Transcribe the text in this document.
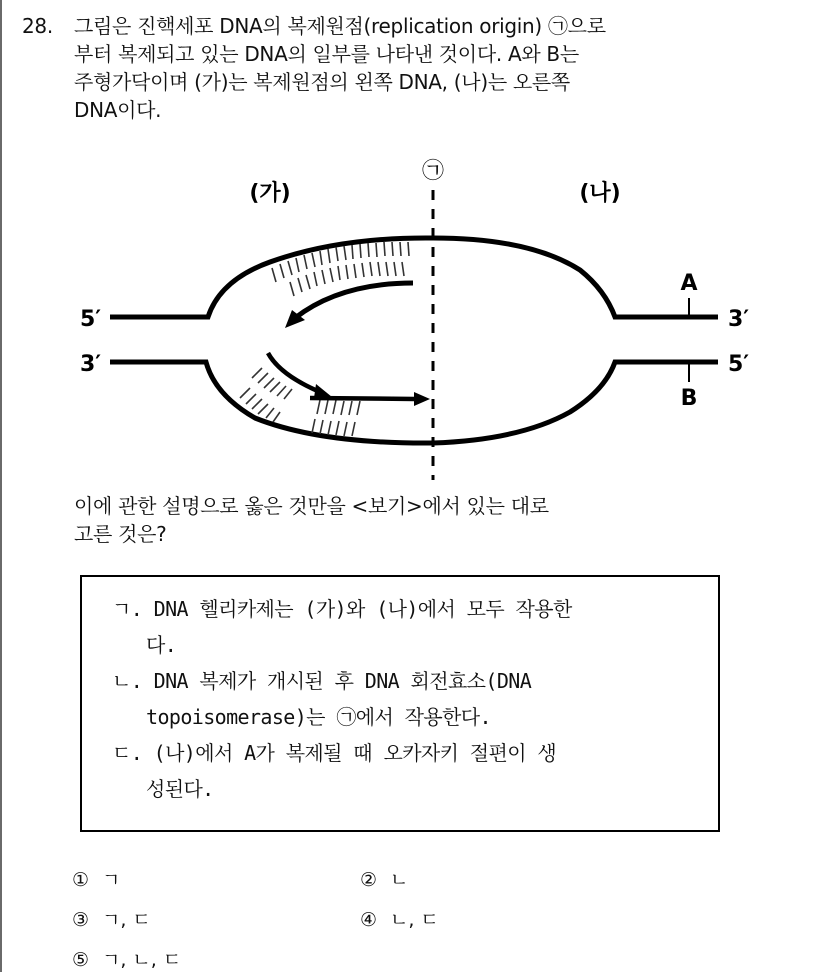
28. 그림은 진핵세포 DNA의 복제원점(replication origin) ㉠으로
부터 복제되고 있는 DNA의 일부를 나타낸 것이다. A와 B는
주형가닥이며 (가)는 복제원점의 왼쪽 DNA, (나)는 오른쪽
DNA이다.
(가)	(나)
㉠
5′
3′
3′
5′
A
B
이에 관한 설명으로 옳은 것만을 <보기>에서 있는 대로
고른 것은?
ㄱ. DNA 헬리카제는 (가)와 (나)에서 모두 작용한
다.
ㄴ. DNA 복제가 개시된 후 DNA 회전효소(DNA
topoisomerase)는 ㉠에서 작용한다.
ㄷ. (나)에서 A가 복제될 때 오카자키 절편이 생
성된다.
① ㄱ	② ㄴ
③ ㄱ, ㄷ	④ ㄴ, ㄷ
⑤ ㄱ, ㄴ, ㄷ
